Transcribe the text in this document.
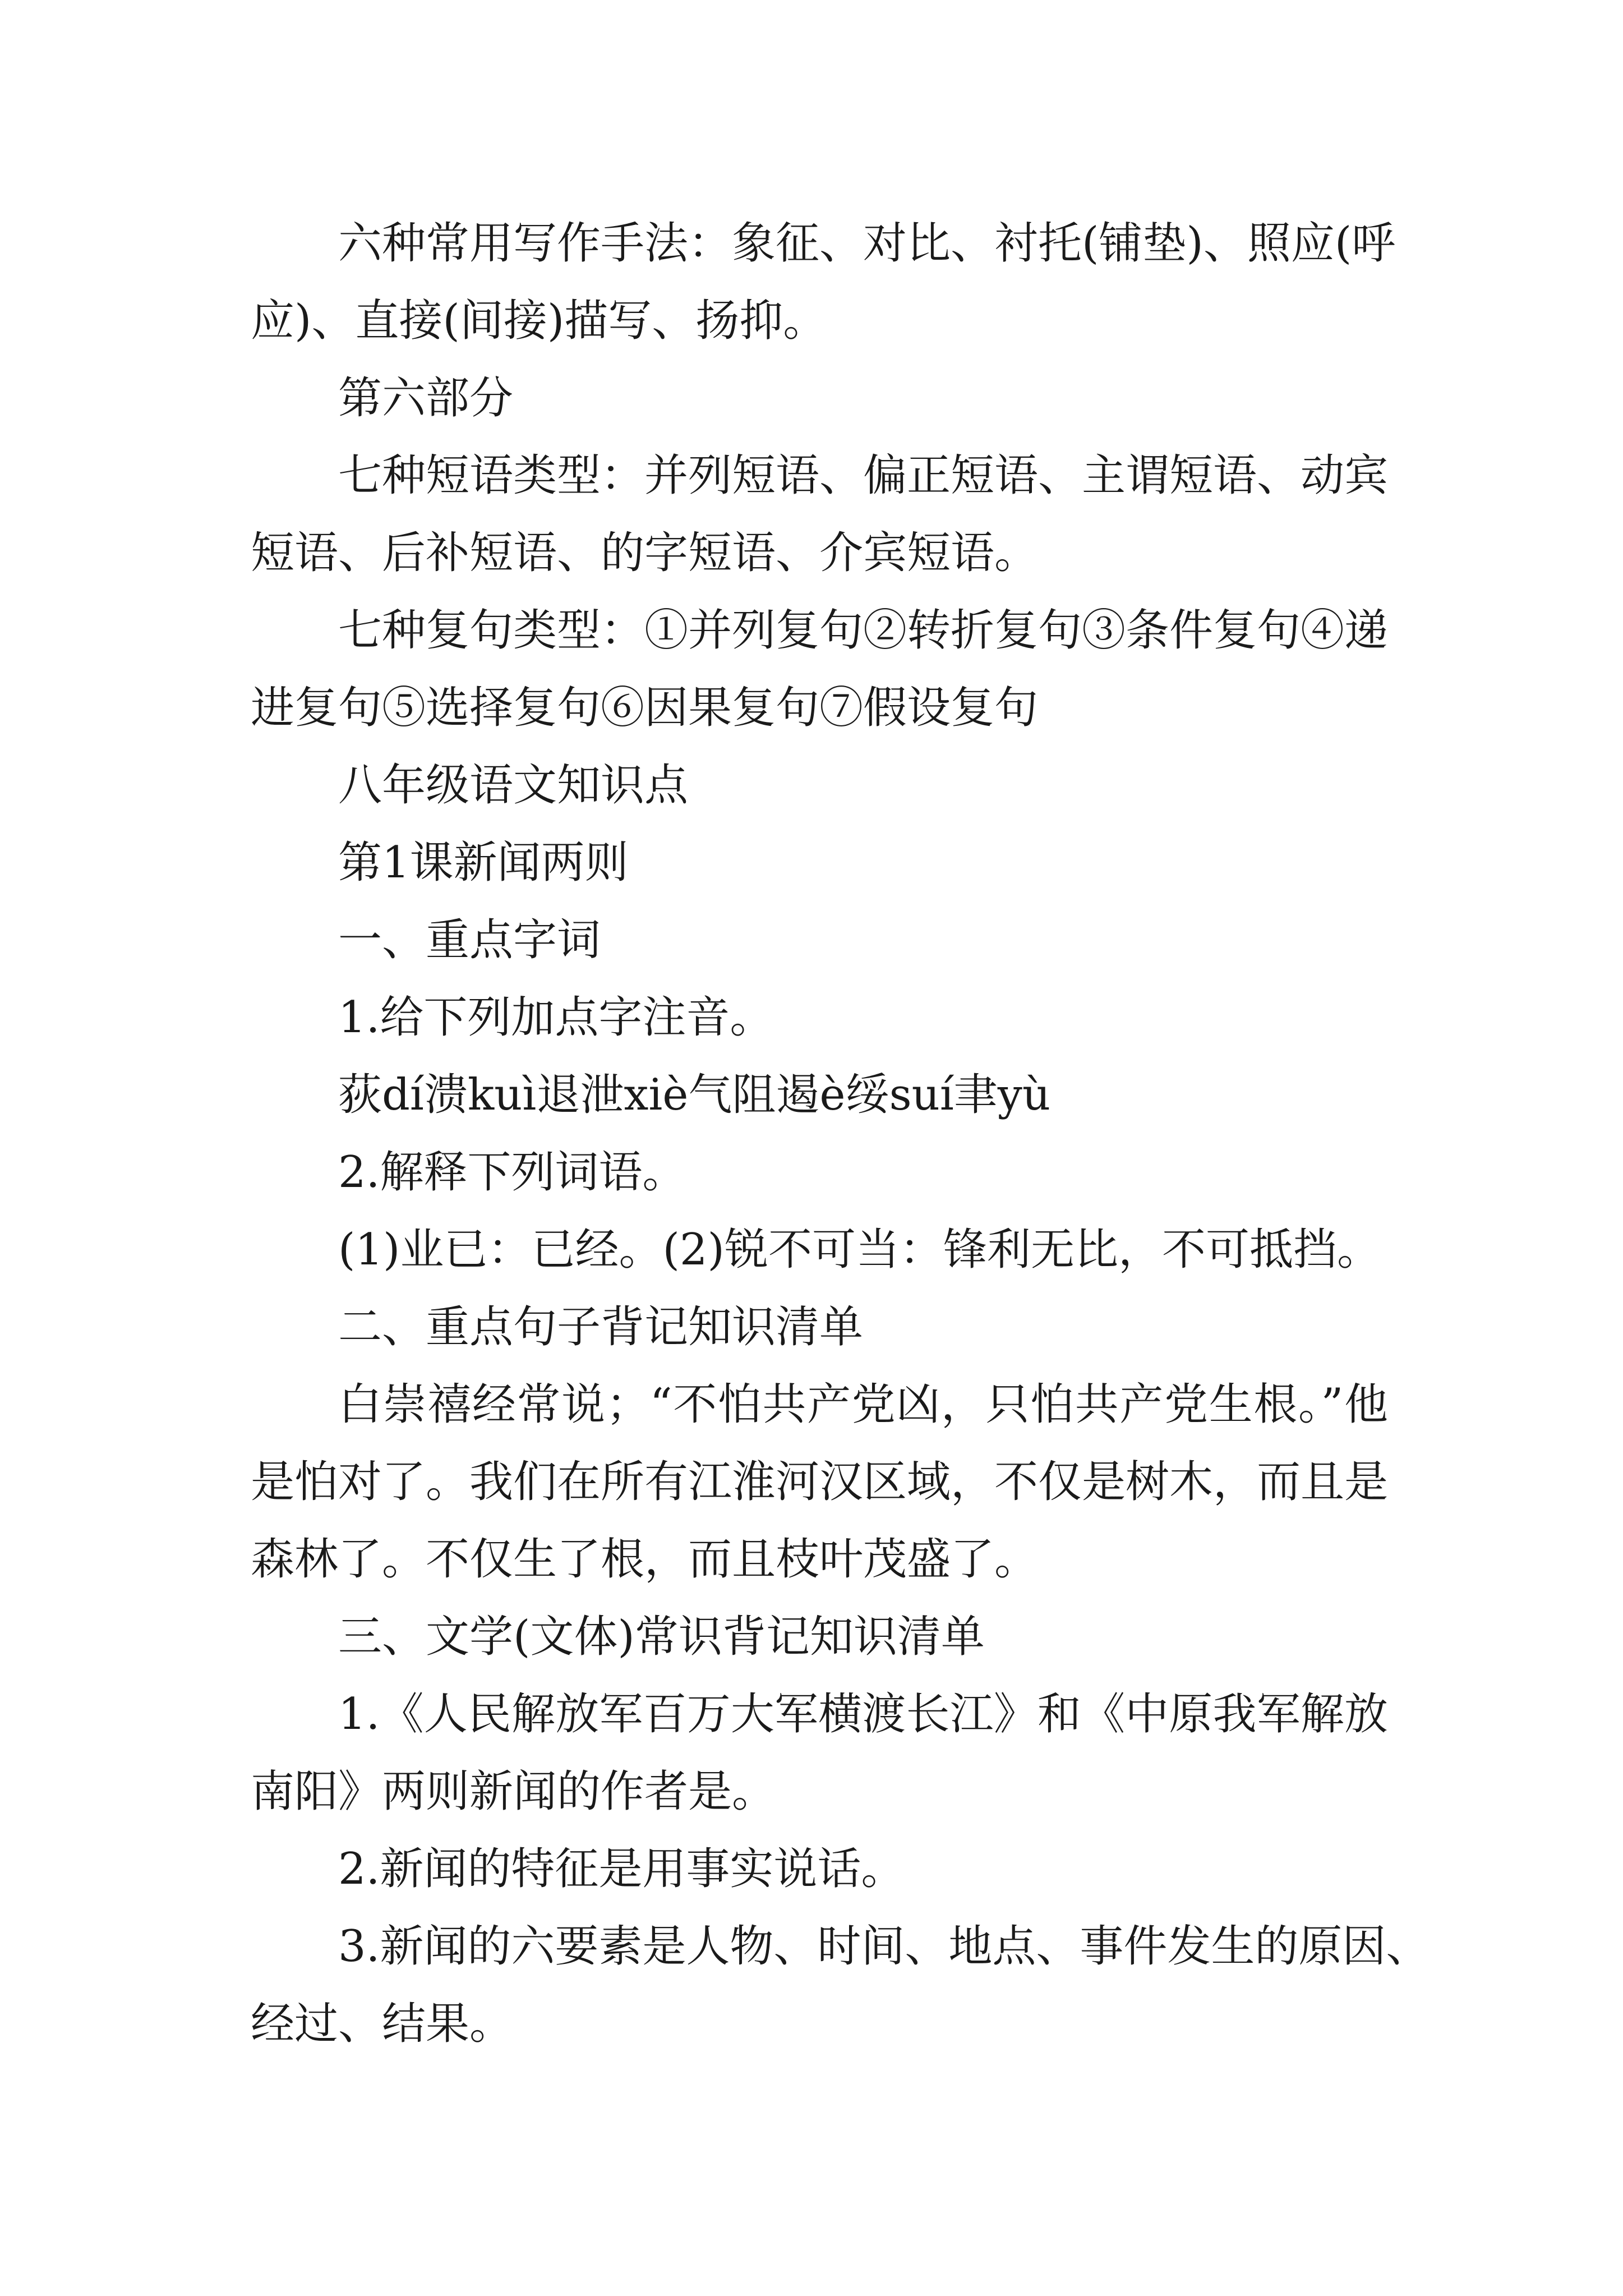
六种常用写作手法：象征、对比、衬托(铺垫)、照应(呼
应)、直接(间接)描写、扬抑。
第六部分
七种短语类型：并列短语、偏正短语、主谓短语、动宾
短语、后补短语、的字短语、介宾短语。
七种复句类型：①并列复句②转折复句③条件复句④递
进复句⑤选择复句⑥因果复句⑦假设复句
八年级语文知识点
第1课新闻两则
一、重点字词
1.给下列加点字注音。
荻dí溃kuì退泄xiè气阻遏è绥suí聿yù
2.解释下列词语。
(1)业已：已经。(2)锐不可当：锋利无比，不可抵挡。
二、重点句子背记知识清单
白崇禧经常说；“不怕共产党凶，只怕共产党生根。”他
是怕对了。我们在所有江淮河汉区域，不仅是树木，而且是
森林了。不仅生了根，而且枝叶茂盛了。
三、文学(文体)常识背记知识清单
1.《人民解放军百万大军横渡长江》和《中原我军解放
南阳》两则新闻的作者是。
2.新闻的特征是用事实说话。
3.新闻的六要素是人物、时间、地点、事件发生的原因、
经过、结果。
